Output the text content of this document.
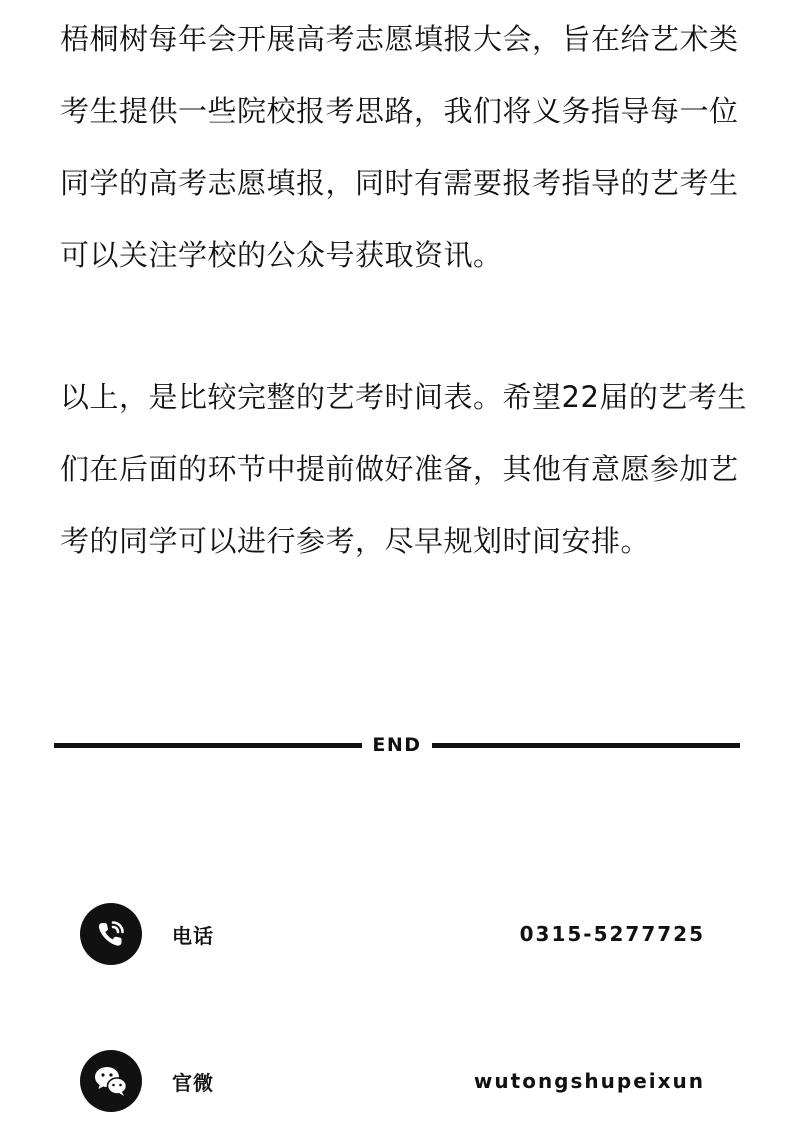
梧桐树每年会开展高考志愿填报大会，旨在给艺术类考生提供一些院校报考思路，我们将义务指导每一位同学的高考志愿填报，同时有需要报考指导的艺考生可以关注学校的公众号获取资讯。

以上，是比较完整的艺考时间表。希望22届的艺考生们在后面的环节中提前做好准备，其他有意愿参加艺考的同学可以进行参考，尽早规划时间安排。

END
电话	0315-5277725
官微	wutongshupeixun
